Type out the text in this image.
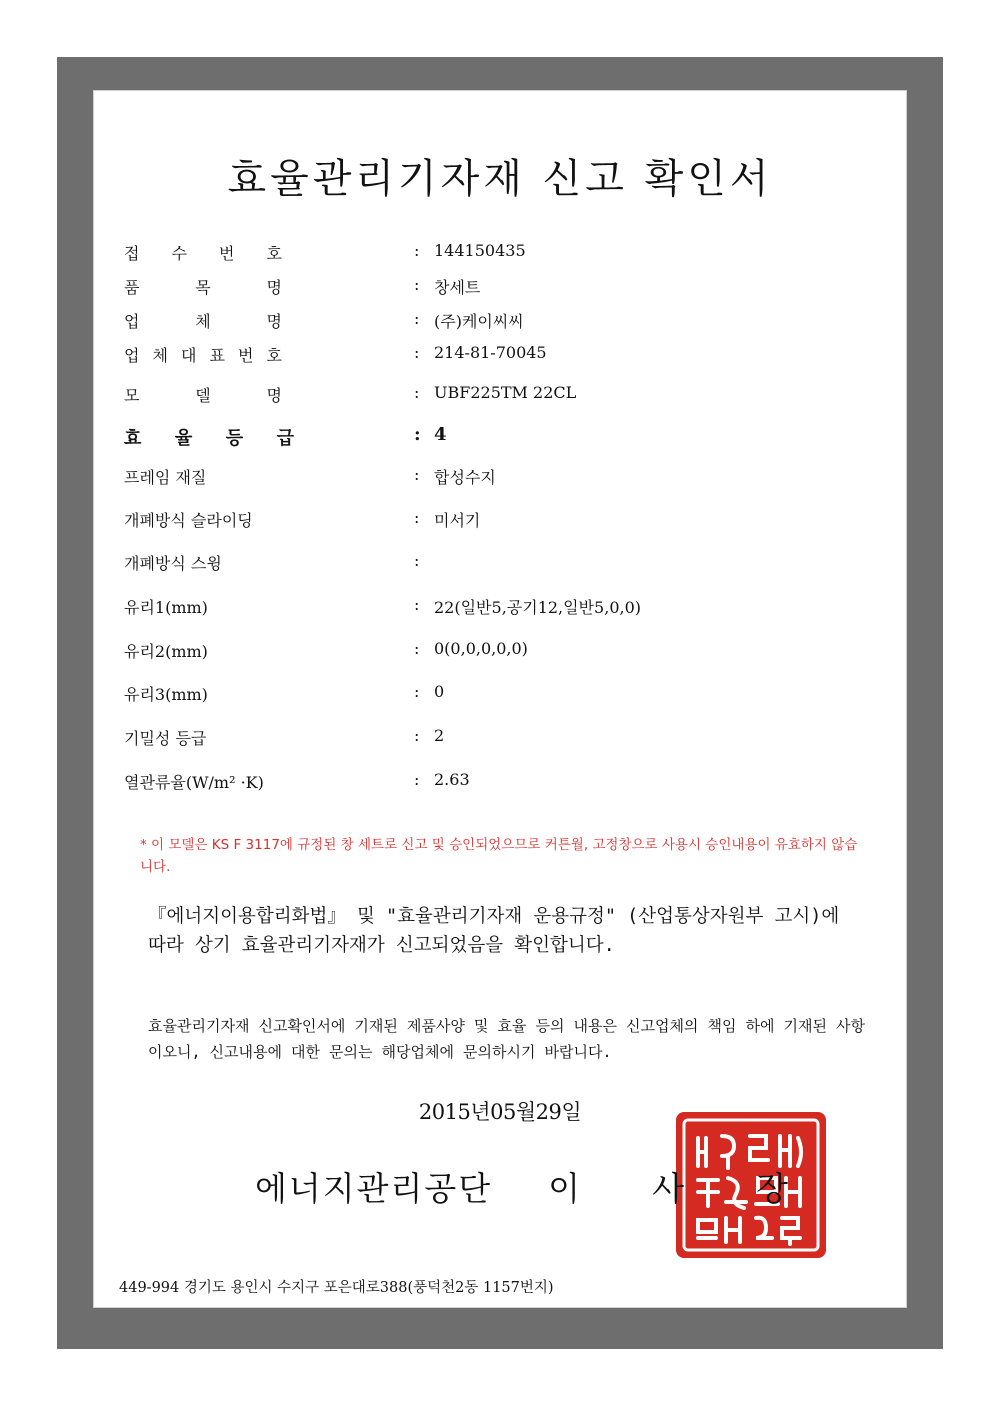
효율관리기자재 신고 확인서
접 수 번 호	: 144150435
품	목	명	: 창세트
업	체	명	: (주)케이씨씨
업 체 대 표 번 호	: 214-81-70045
모	델	명	: UBF225TM 22CL
효 율 등 급	: 4
프레임 재질	: 합성수지
개폐방식 슬라이딩	: 미서기
개폐방식 스윙	:
유리1(mm)	: 22(일반5,공기12,일반5,0,0)
유리2(mm)	: 0(0,0,0,0,0)
유리3(mm)	: 0
기밀성 등급	: 2
열관류율(W/m² ·K)	: 2.63
* 이 모델은 KS F 3117에 규정된 창 세트로 신고 및 승인되었으므로 커튼월, 고정창으로 사용시 승인내용이 유효하지 않습니다.
『에너지이용합리화법』 및 "효율관리기자재 운용규정" (산업통상자원부 고시)에 따라 상기 효율관리기자재가 신고되었음을 확인합니다.
효율관리기자재 신고확인서에 기재된 제품사양 및 효율 등의 내용은 신고업체의 책임 하에 기재된 사항이오니, 신고내용에 대한 문의는 해당업체에 문의하시기 바랍니다.
2015년05월29일
에너지관리공단 이	사	장
449-994 경기도 용인시 수지구 포은대로388(풍덕천2동 1157번지)
